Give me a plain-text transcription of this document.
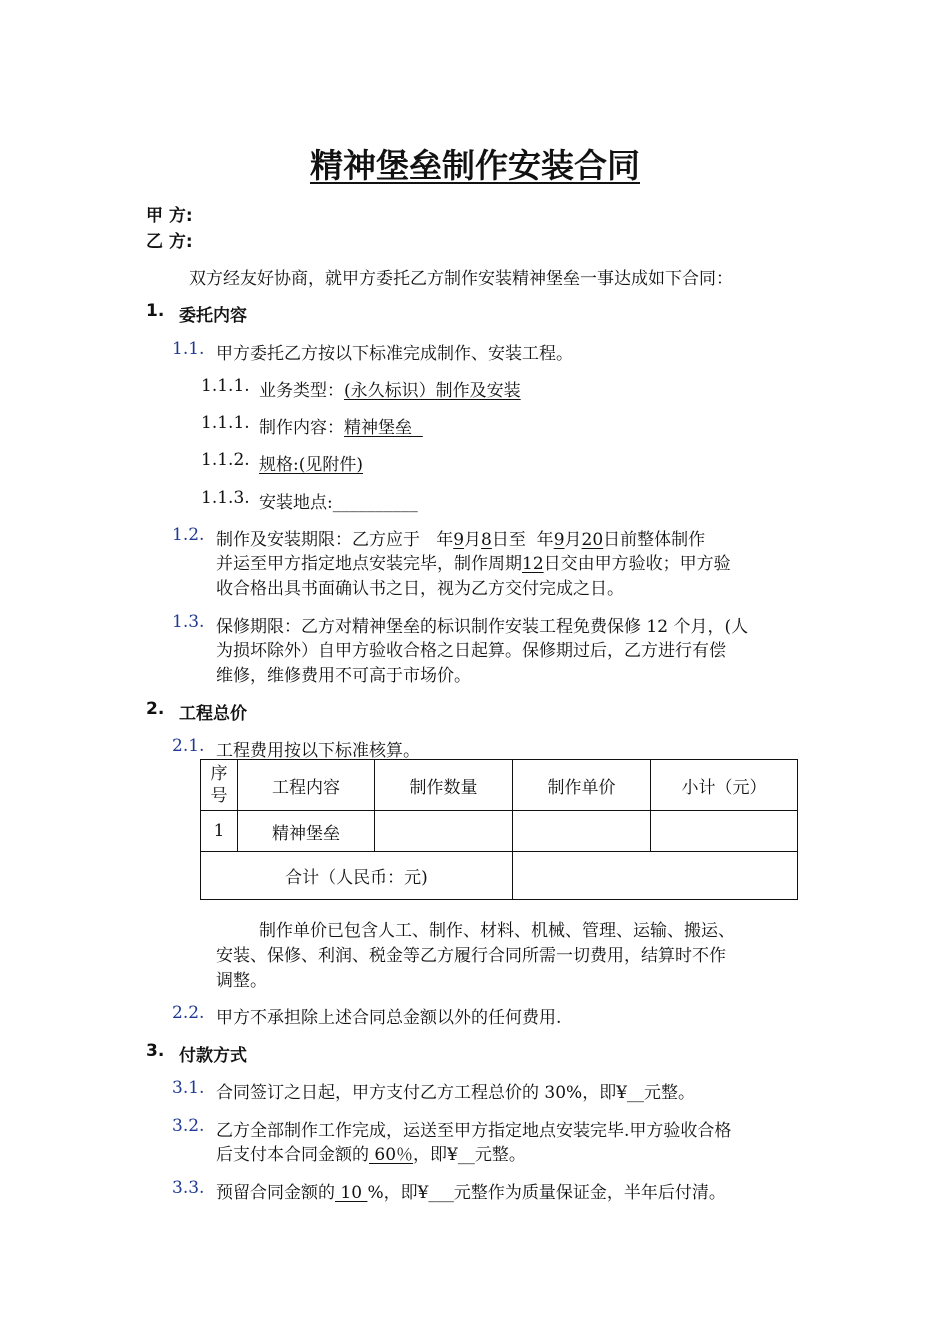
精神堡垒制作安装合同
甲 方:
乙 方:
双方经友好协商，就甲方委托乙方制作安装精神堡垒一事达成如下合同：
1. 委托内容
1.1. 甲方委托乙方按以下标准完成制作、安装工程。
1.1.1. 业务类型：(永久标识）制作及安装
1.1.1. 制作内容：精神堡垒
1.1.2. 规格:(见附件)
1.1.3. 安装地点:__________
1.2. 制作及安装期限：乙方应于   年9月8日至  年9月20日前整体制作
并运至甲方指定地点安装完毕，制作周期12日交由甲方验收；甲方验
收合格出具书面确认书之日，视为乙方交付完成之日。
1.3. 保修期限：乙方对精神堡垒的标识制作安装工程免费保修 12 个月，(人
为损坏除外）自甲方验收合格之日起算。保修期过后，乙方进行有偿
维修，维修费用不可高于市场价。
2. 工程总价
2.1. 工程费用按以下标准核算。
序号	工程内容	制作数量	制作单价	小计（元）
1	精神堡垒			
合计（人民币：元)				
制作单价已包含人工、制作、材料、机械、管理、运输、搬运、
安装、保修、利润、税金等乙方履行合同所需一切费用，结算时不作
调整。
2.2. 甲方不承担除上述合同总金额以外的任何费用.
3. 付款方式
3.1. 合同签订之日起，甲方支付乙方工程总价的 30%，即¥__元整。
3.2. 乙方全部制作工作完成，运送至甲方指定地点安装完毕.甲方验收合格
后支付本合同金额的 60％，即¥__元整。
3.3. 预留合同金额的 10 %，即¥___元整作为质量保证金，半年后付清。
